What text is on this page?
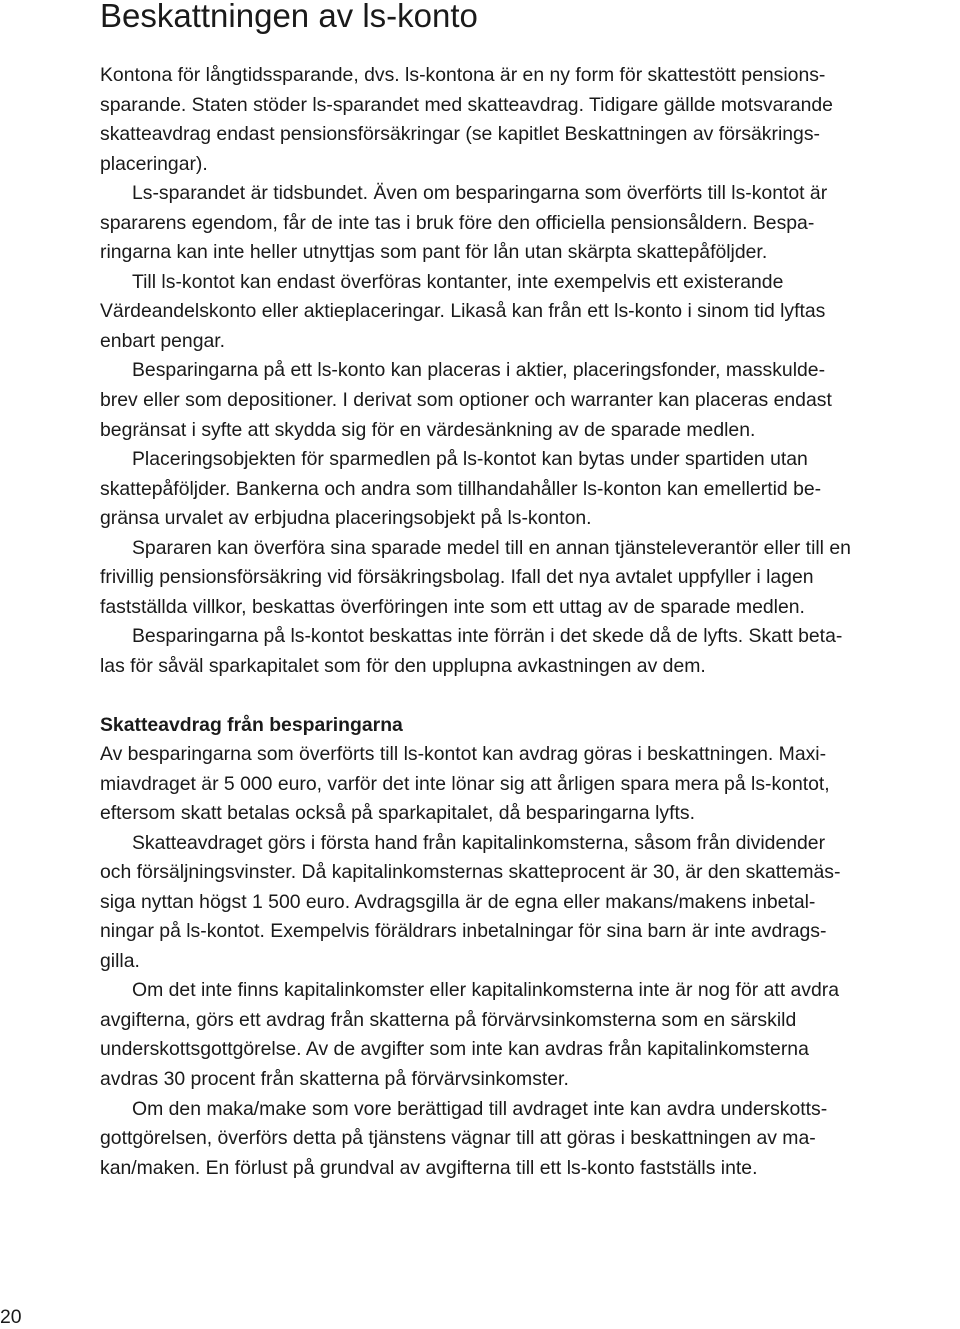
Beskattningen av ls-konto
Kontona för långtidssparande, dvs. ls-kontona är en ny form för skattestött pensions-
sparande. Staten stöder ls-sparandet med skatteavdrag. Tidigare gällde motsvarande
skatteavdrag endast pensionsförsäkringar (se kapitlet Beskattningen av försäkrings-
placeringar).
Ls-sparandet är tidsbundet. Även om besparingarna som överförts till ls-kontot är
spararens egendom, får de inte tas i bruk före den officiella pensionsåldern. Bespa-
ringarna kan inte heller utnyttjas som pant för lån utan skärpta skattepåföljder.
Till ls-kontot kan endast överföras kontanter, inte exempelvis ett existerande
Värdeandelskonto eller aktieplaceringar. Likaså kan från ett ls-konto i sinom tid lyftas
enbart pengar.
Besparingarna på ett ls-konto kan placeras i aktier, placeringsfonder, masskulde-
brev eller som depositioner. I derivat som optioner och warranter kan placeras endast
begränsat i syfte att skydda sig för en värdesänkning av de sparade medlen.
Placeringsobjekten för sparmedlen på ls-kontot kan bytas under spartiden utan
skattepåföljder. Bankerna och andra som tillhandahåller ls-konton kan emellertid be-
gränsa urvalet av erbjudna placeringsobjekt på ls-konton.
Spararen kan överföra sina sparade medel till en annan tjänsteleverantör eller till en
frivillig pensionsförsäkring vid försäkringsbolag. Ifall det nya avtalet uppfyller i lagen
fastställda villkor, beskattas överföringen inte som ett uttag av de sparade medlen.
Besparingarna på ls-kontot beskattas inte förrän i det skede då de lyfts. Skatt beta-
las för såväl sparkapitalet som för den upplupna avkastningen av dem.
Skatteavdrag från besparingarna
Av besparingarna som överförts till ls-kontot kan avdrag göras i beskattningen. Maxi-
miavdraget är 5 000 euro, varför det inte lönar sig att årligen spara mera på ls-kontot,
eftersom skatt betalas också på sparkapitalet, då besparingarna lyfts.
Skatteavdraget görs i första hand från kapitalinkomsterna, såsom från dividender
och försäljningsvinster. Då kapitalinkomsternas skatteprocent är 30, är den skattemäs-
siga nyttan högst 1 500 euro. Avdragsgilla är de egna eller makans/makens inbetal-
ningar på ls-kontot. Exempelvis föräldrars inbetalningar för sina barn är inte avdrags-
gilla.
Om det inte finns kapitalinkomster eller kapitalinkomsterna inte är nog för att avdra
avgifterna, görs ett avdrag från skatterna på förvärvsinkomsterna som en särskild
underskottsgottgörelse. Av de avgifter som inte kan avdras från kapitalinkomsterna
avdras 30 procent från skatterna på förvärvsinkomster.
Om den maka/make som vore berättigad till avdraget inte kan avdra underskotts-
gottgörelsen, överförs detta på tjänstens vägnar till att göras i beskattningen av ma-
kan/maken. En förlust på grundval av avgifterna till ett ls-konto fastställs inte.
20
